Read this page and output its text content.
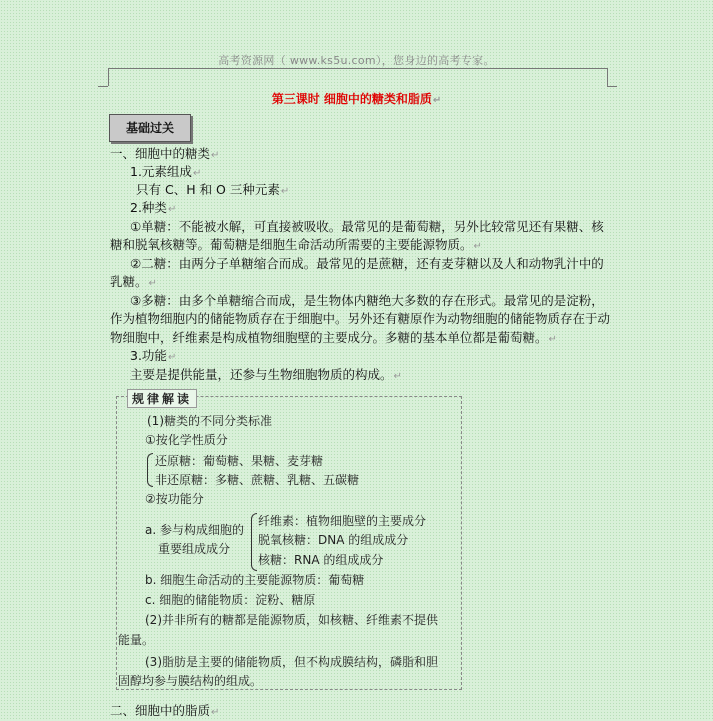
高考资源网（ www.ks5u.com），您身边的高考专家。
第三课时 细胞中的糖类和脂质↵
基础过关
一、细胞中的糖类↵
1.元素组成↵
只有 C、H 和 O 三种元素↵
2.种类↵
①单糖：不能被水解，可直接被吸收。最常见的是葡萄糖，另外比较常见还有果糖、核
糖和脱氧核糖等。葡萄糖是细胞生命活动所需要的主要能源物质。↵
②二糖：由两分子单糖缩合而成。最常见的是蔗糖，还有麦芽糖以及人和动物乳汁中的
乳糖。↵
③多糖：由多个单糖缩合而成，是生物体内糖绝大多数的存在形式。最常见的是淀粉，
作为植物细胞内的储能物质存在于细胞中。另外还有糖原作为动物细胞的储能物质存在于动
物细胞中，纤维素是构成植物细胞壁的主要成分。多糖的基本单位都是葡萄糖。↵
3.功能↵
主要是提供能量，还参与生物细胞物质的构成。↵
规律解读
(1)糖类的不同分类标准
①按化学性质分
还原糖：葡萄糖、果糖、麦芽糖
非还原糖：多糖、蔗糖、乳糖、五碳糖
②按功能分
a. 参与构成细胞的
重要组成成分
纤维素：植物细胞壁的主要成分
脱氧核糖：DNA 的组成成分
核糖：RNA 的组成成分
b. 细胞生命活动的主要能源物质：葡萄糖
c. 细胞的储能物质：淀粉、糖原
(2)并非所有的糖都是能源物质，如核糖、纤维素不提供
能量。
(3)脂肪是主要的储能物质，但不构成膜结构，磷脂和胆
固醇均参与膜结构的组成。
二、细胞中的脂质↵
